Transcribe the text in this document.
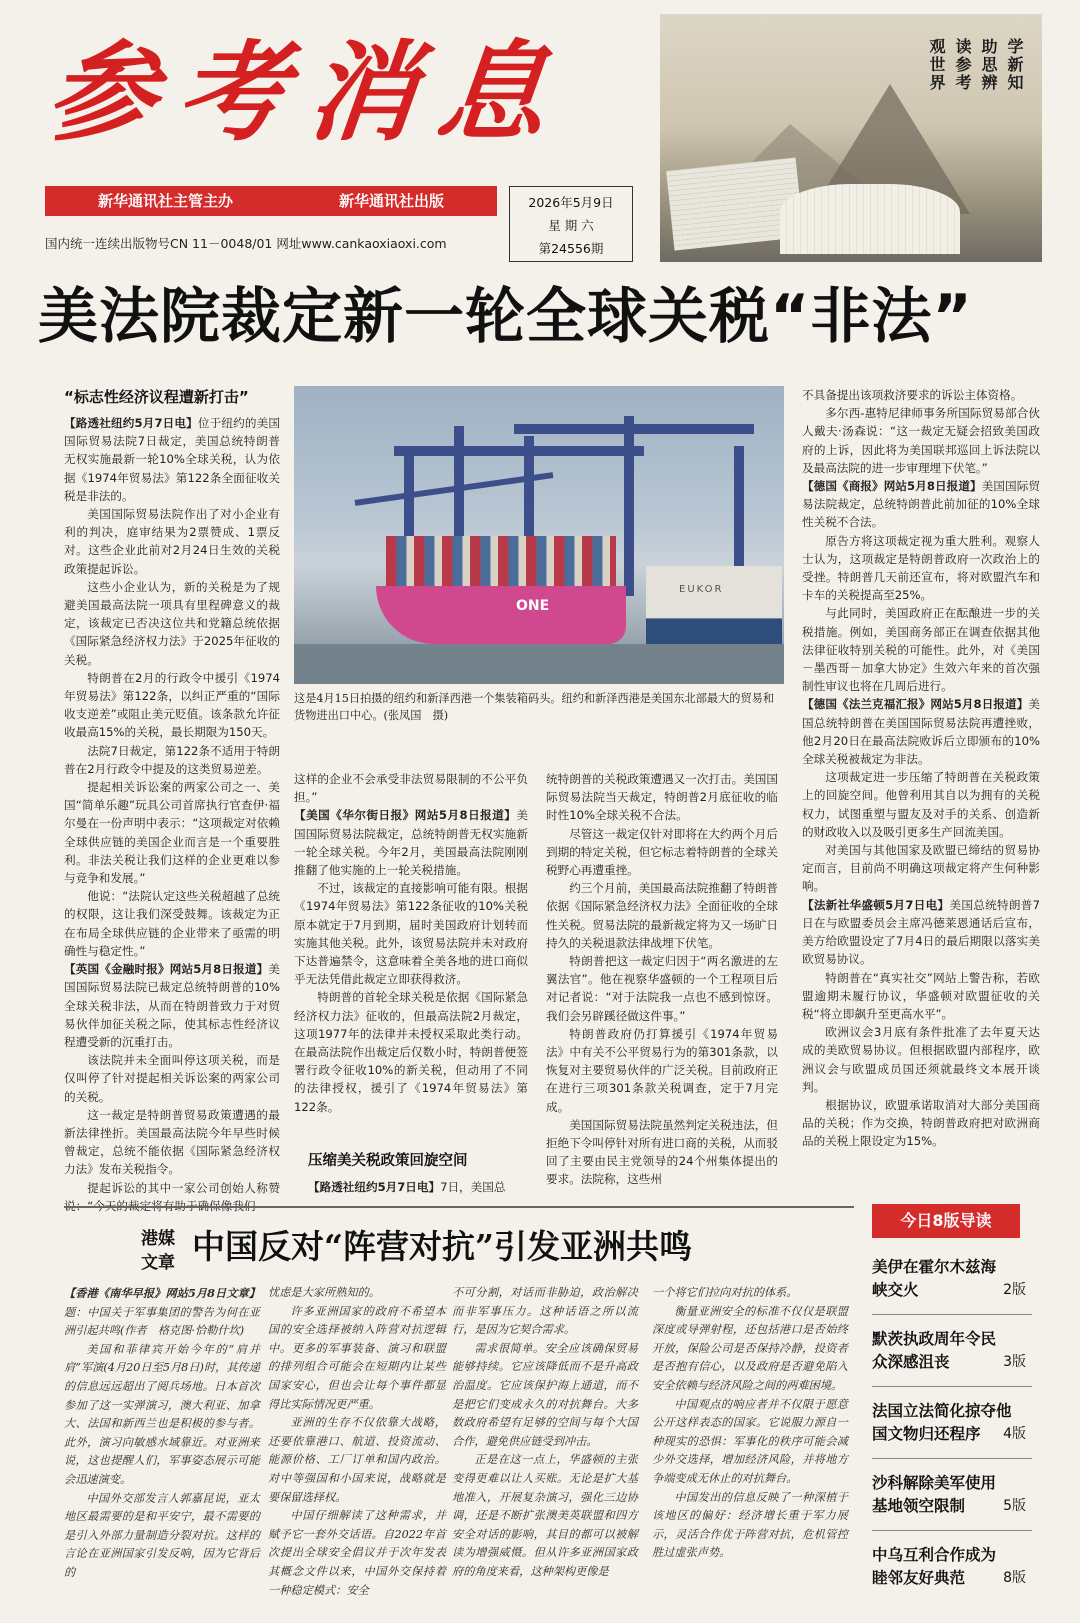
参考消息
新华通讯社主管主办	新华通讯社出版
国内统一连续出版物号CN 11－0048/01 网址www.cankaoxiaoxi.com
2026年5月9日
星 期 六
第24556期
观世界 读参考 助思辨 学新知
美法院裁定新一轮全球关税“非法”
“标志性经济议程遭新打击”

【路透社纽约5月7日电】位于纽约的美国国际贸易法院7日裁定，美国总统特朗普无权实施最新一轮10%全球关税，认为依据《1974年贸易法》第122条全面征收关税是非法的。

美国国际贸易法院作出了对小企业有利的判决，庭审结果为2票赞成、1票反对。这些企业此前对2月24日生效的关税政策提起诉讼。

这些小企业认为，新的关税是为了规避美国最高法院一项具有里程碑意义的裁定，该裁定已否决这位共和党籍总统依据《国际紧急经济权力法》于2025年征收的关税。

特朗普在2月的行政令中援引《1974年贸易法》第122条，以纠正严重的“国际收支逆差”或阻止美元贬值。该条款允许征收最高15%的关税，最长期限为150天。

法院7日裁定，第122条不适用于特朗普在2月行政令中提及的这类贸易逆差。

提起相关诉讼案的两家公司之一、美国“简单乐趣”玩具公司首席执行官查伊·福尔曼在一份声明中表示：“这项裁定对依赖全球供应链的美国企业而言是一个重要胜利。非法关税让我们这样的企业更难以参与竞争和发展。”

他说：“法院认定这些关税超越了总统的权限，这让我们深受鼓舞。该裁定为正在布局全球供应链的企业带来了亟需的明确性与稳定性。”

【英国《金融时报》网站5月8日报道】美国国际贸易法院已裁定总统特朗普的10%全球关税非法，从而在特朗普致力于对贸易伙伴加征关税之际，使其标志性经济议程遭受新的沉重打击。

该法院并未全面叫停这项关税，而是仅叫停了针对提起相关诉讼案的两家公司的关税。

这一裁定是特朗普贸易政策遭遇的最新法律挫折。美国最高法院今年早些时候曾裁定，总统不能依据《国际紧急经济权力法》发布关税指令。

提起诉讼的其中一家公司创始人称赞

ONE
EUKOR
这是4月15日拍摄的纽约和新泽西港一个集装箱码头。纽约和新泽西港是美国东北部最大的贸易和货物进出口中心。(张凤国　摄)

这样的企业不会承受非法贸易限制的不公平负担。”

【美国《华尔街日报》网站5月8日报道】美国国际贸易法院裁定，总统特朗普无权实施新一轮全球关税。今年2月，美国最高法院刚刚推翻了他实施的上一轮关税措施。

不过，该裁定的直接影响可能有限。根据《1974年贸易法》第122条征收的10%关税原本就定于7月到期，届时美国政府计划转而实施其他关税。此外，该贸易法院并未对政府下达普遍禁令，这意味着全美各地的进口商似乎无法凭借此裁定立即获得救济。

特朗普的首轮全球关税是依据《国际紧急经济权力法》征收的，但最高法院2月裁定，这项1977年的法律并未授权采取此类行动。在最高法院作出裁定后仅数小时，特朗普便签署行政令征收10%的新关税，但动用了不同的法律授权，援引了《1974年贸易法》第122条。

压缩美关税政策回旋空间

【路透社纽约5月7日电】7日，美国总

统特朗普的关税政策遭遇又一次打击。美国国际贸易法院当天裁定，特朗普2月底征收的临时性10%全球关税不合法。

尽管这一裁定仅针对即将在大约两个月后到期的特定关税，但它标志着特朗普的全球关税野心再遭重挫。

约三个月前，美国最高法院推翻了特朗普依据《国际紧急经济权力法》全面征收的全球性关税。贸易法院的最新裁定将为又一场旷日持久的关税退款法律战埋下伏笔。

特朗普把这一裁定归因于“两名激进的左翼法官”。他在视察华盛顿的一个工程项目后对记者说：“对于法院我一点也不感到惊讶。我们会另辟蹊径做这件事。”

特朗普政府仍打算援引《1974年贸易法》中有关不公平贸易行为的第301条款，以恢复对主要贸易伙伴的广泛关税。目前政府正在进行三项301条款关税调查，定于7月完成。

美国国际贸易法院虽然判定关税违法，但拒绝下令叫停针对所有进口商的关税，从而驳回了主要由民主党领导的24个州集体提出的要求。法院称，这些州

不具备提出该项救济要求的诉讼主体资格。

多尔西-惠特尼律师事务所国际贸易部合伙人戴夫·汤森说：“这一裁定无疑会招致美国政府的上诉，因此将为美国联邦巡回上诉法院以及最高法院的进一步审理埋下伏笔。”

【德国《商报》网站5月8日报道】美国国际贸易法院裁定，总统特朗普此前加征的10%全球性关税不合法。

原告方将这项裁定视为重大胜利。观察人士认为，这项裁定是特朗普政府一次政治上的受挫。特朗普几天前还宣布，将对欧盟汽车和卡车的关税提高至25%。

与此同时，美国政府正在酝酿进一步的关税措施。例如，美国商务部正在调查依据其他法律征收特别关税的可能性。此外，对《美国－墨西哥－加拿大协定》生效六年来的首次强制性审议也将在几周后进行。

【德国《法兰克福汇报》网站5月8日报道】美国总统特朗普在美国国际贸易法院再遭挫败，他2月20日在最高法院败诉后立即颁布的10%全球关税被裁定为非法。

这项裁定进一步压缩了特朗普在关税政策上的回旋空间。他曾利用其自以为拥有的关税权力，试图重塑与盟友及对手的关系、创造新的财政收入以及吸引更多生产回流美国。

对美国与其他国家及欧盟已缔结的贸易协定而言，目前尚不明确这项裁定将产生何种影响。

【法新社华盛顿5月7日电】美国总统特朗普7日在与欧盟委员会主席冯德莱恩通话后宣布，美方给欧盟设定了7月4日的最后期限以落实美欧贸易协议。

特朗普在“真实社交”网站上警告称，若欧盟逾期未履行协议，华盛顿对欧盟征收的关税“将立即飙升至更高水平”。

欧洲议会3月底有条件批准了去年夏天达成的美欧贸易协议。但根据欧盟内部程序，欧洲议会与欧盟成员国还须就最终文本展开谈判。

根据协议，欧盟承诺取消对大部分美国商品的关税；作为交换，特朗普政府把对欧洲商品的关税上限设定为15%。

港媒
文章 中国反对“阵营对抗”引发亚洲共鸣

【香港《南华早报》网站5月8日文章】题：中国关于军事集团的警告为何在亚洲引起共鸣(作者　格克图·恰勒什坎)

美国和菲律宾开始今年的“肩并肩”军演(4月20日至5月8日)时，其传递的信息远远超出了阅兵场地。日本首次参加了这一实弹演习，澳大利亚、加拿大、法国和新西兰也是积极的参与者。此外，演习向敏感水域靠近。对亚洲来说，这也提醒人们，军事姿态展示可能会迅速演变。

中国外交部发言人郭嘉昆说，亚太地区最需要的是和平安宁，最不需要的是引入外部力量制造分裂对抗。这样的言论在亚洲国家引发反响，因为它背后的

忧虑是大家所熟知的。

许多亚洲国家的政府不希望本国的安全选择被纳入阵营对抗逻辑中。更多的军事装备、演习和联盟的排列组合可能会在短期内让某些国家安心，但也会让每个事件都显得比实际情况更严重。

亚洲的生存不仅依靠大战略，还要依靠港口、航道、投资流动、能源价格、工厂订单和国内政治。对中等强国和小国来说，战略就是要保留选择权。

中国仔细解读了这种需求，并赋予它一套外交话语。自2022年首次提出全球安全倡议并于次年发表其概念文件以来，中国外交保持着一种稳定模式：安全

不可分割，对话而非胁迫，政治解决而非军事压力。这种话语之所以流行，是因为它契合需求。

需求很简单。安全应该确保贸易能够持续。它应该降低而不是升高政治温度。它应该保护海上通道，而不是把它们变成永久的对抗舞台。大多数政府希望有足够的空间与每个大国合作，避免供应链受到冲击。

正是在这一点上，华盛顿的主张变得更难以让人买账。无论是扩大基地准入，开展复杂演习，强化三边协调，还是不断扩张澳美英联盟和四方安全对话的影响，其目的都可以被解读为增强威慑。但从许多亚洲国家政府的角度来看，这种架构更像是

一个将它们拉向对抗的体系。

衡量亚洲安全的标准不仅仅是联盟深度或导弹射程，还包括港口是否始终开放，保险公司是否保持冷静，投资者是否抱有信心，以及政府是否避免陷入安全依赖与经济风险之间的两难困境。

中国观点的响应者并不仅限于愿意公开这样表态的国家。它说服力源自一种现实的恐惧：军事化的秩序可能会减少外交选择，增加经济风险，并将地方争端变成无休止的对抗舞台。

中国发出的信息反映了一种深植于该地区的偏好：经济增长重于军力展示，灵活合作优于阵营对抗，危机管控胜过虚张声势。

今日8版导读
美伊在霍尔木兹海
峡交火	2版
默茨执政周年令民
众深感沮丧	3版
法国立法简化掠夺他
国文物归还程序 4版
沙科解除美军使用
基地领空限制	5版
中乌互利合作成为
睦邻友好典范	8版
